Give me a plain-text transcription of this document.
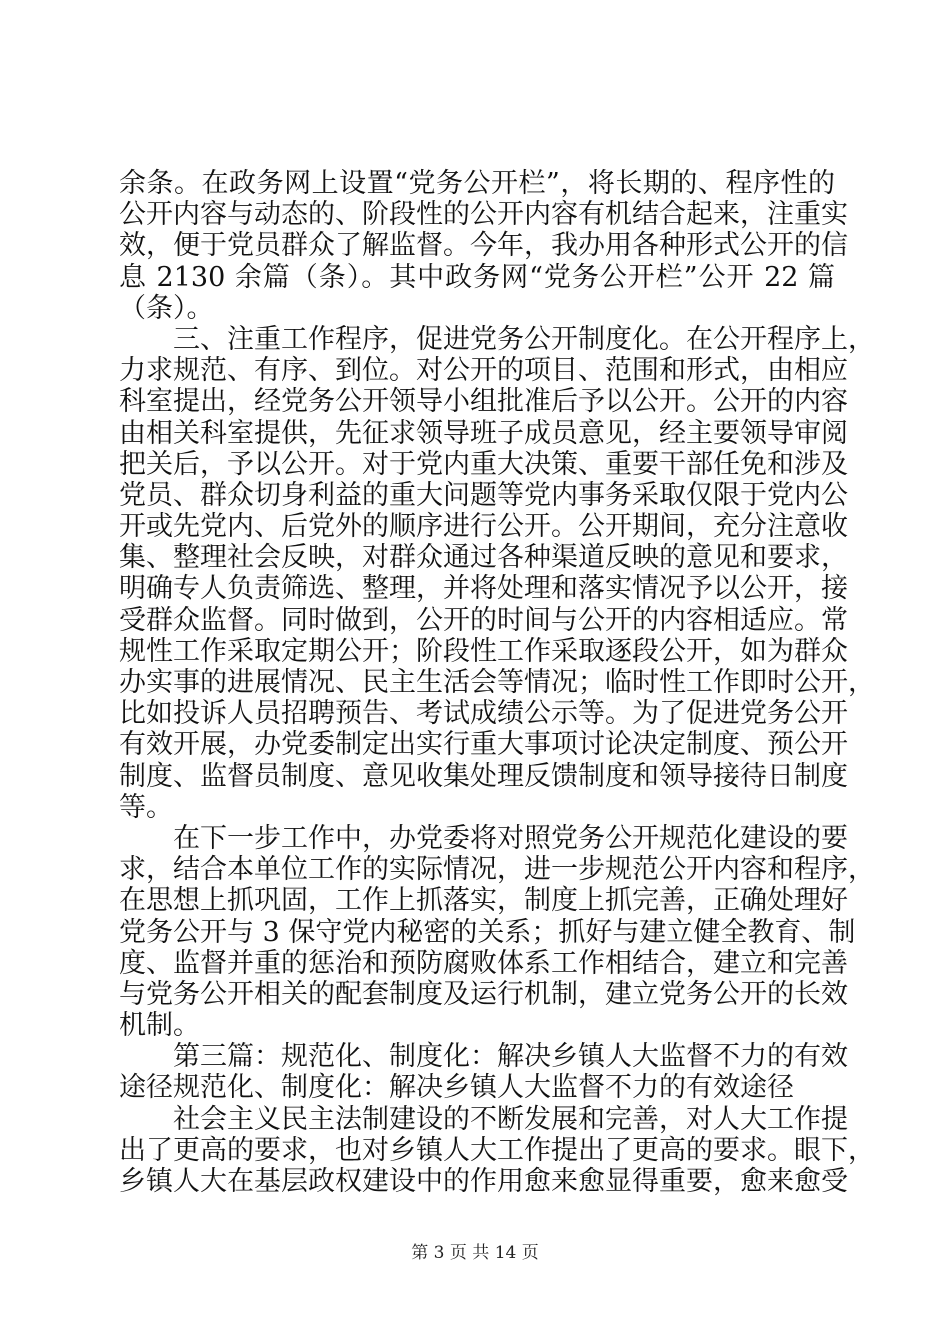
余条。在政务网上设置“党务公开栏”，将长期的、程序性的
公开内容与动态的、阶段性的公开内容有机结合起来，注重实
效，便于党员群众了解监督。今年，我办用各种形式公开的信
息 2130 余篇（条）。其中政务网“党务公开栏”公开 22 篇
（条）。
三、注重工作程序，促进党务公开制度化。在公开程序上，
力求规范、有序、到位。对公开的项目、范围和形式，由相应
科室提出，经党务公开领导小组批准后予以公开。公开的内容
由相关科室提供，先征求领导班子成员意见，经主要领导审阅
把关后，予以公开。对于党内重大决策、重要干部任免和涉及
党员、群众切身利益的重大问题等党内事务采取仅限于党内公
开或先党内、后党外的顺序进行公开。公开期间，充分注意收
集、整理社会反映，对群众通过各种渠道反映的意见和要求，
明确专人负责筛选、整理，并将处理和落实情况予以公开，接
受群众监督。同时做到，公开的时间与公开的内容相适应。常
规性工作采取定期公开；阶段性工作采取逐段公开，如为群众
办实事的进展情况、民主生活会等情况；临时性工作即时公开，
比如投诉人员招聘预告、考试成绩公示等。为了促进党务公开
有效开展，办党委制定出实行重大事项讨论决定制度、预公开
制度、监督员制度、意见收集处理反馈制度和领导接待日制度
等。
在下一步工作中，办党委将对照党务公开规范化建设的要
求，结合本单位工作的实际情况，进一步规范公开内容和程序，
在思想上抓巩固，工作上抓落实，制度上抓完善，正确处理好
党务公开与 3 保守党内秘密的关系；抓好与建立健全教育、制
度、监督并重的惩治和预防腐败体系工作相结合，建立和完善
与党务公开相关的配套制度及运行机制，建立党务公开的长效
机制。
第三篇：规范化、制度化：解决乡镇人大监督不力的有效
途径规范化、制度化：解决乡镇人大监督不力的有效途径
社会主义民主法制建设的不断发展和完善，对人大工作提
出了更高的要求，也对乡镇人大工作提出了更高的要求。眼下，
乡镇人大在基层政权建设中的作用愈来愈显得重要，愈来愈受
第 3 页 共 14 页
